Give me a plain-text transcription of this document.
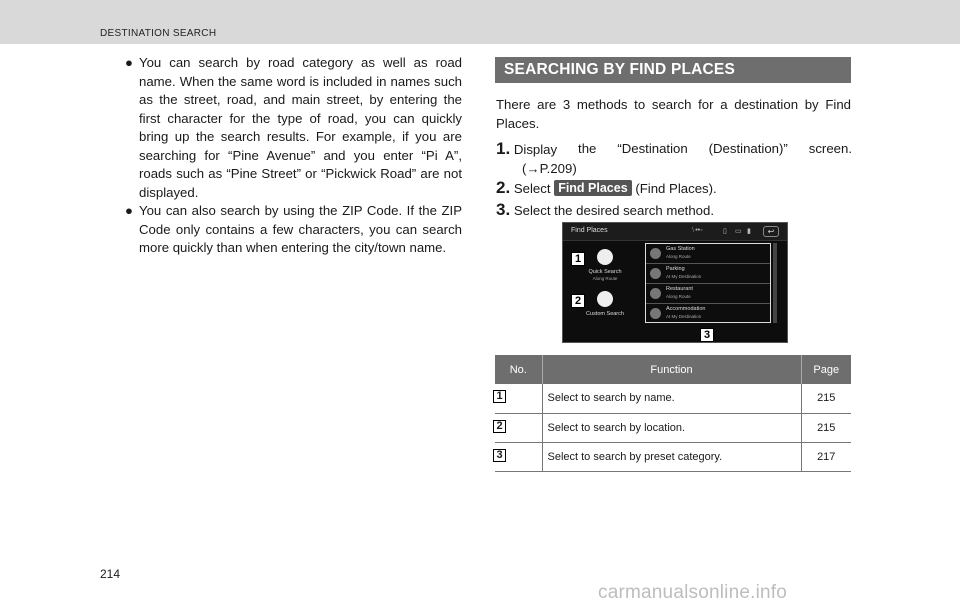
DESTINATION SEARCH
● You can search by road category as well as road name. When the same word is included in names such as the street, road, and main street, by entering the first character for the type of road, you can quickly bring up the search results. For example, if you are searching for “Pine Avenue” and you enter “Pi A”, roads such as “Pine Street” or “Pickwick Road” are not displayed.
● You can also search by using the ZIP Code. If the ZIP Code only contains a few characters, you can search more quickly than when entering the city/town name.
SEARCHING BY FIND PLACES

There are 3 methods to search for a destination by Find Places.

1. Display the “Destination (Destination)” screen.
(→P.209)
2. Select Find Places (Find Places).
3. Select the desired search method.
Find Places	ᛊ••◦	▯ ▭ ▮	↩
Quick Search
Along Route
Custom Search
Gas Station
Along Route
Parking
At My Destination
Restaurant
Along Route
Accommodation
At My Destination
1
2
3
No.	Function	Page
1	Select to search by name.	215
2	Select to search by location.	215
3	Select to search by preset category.	217
214
carmanualsonline.info
